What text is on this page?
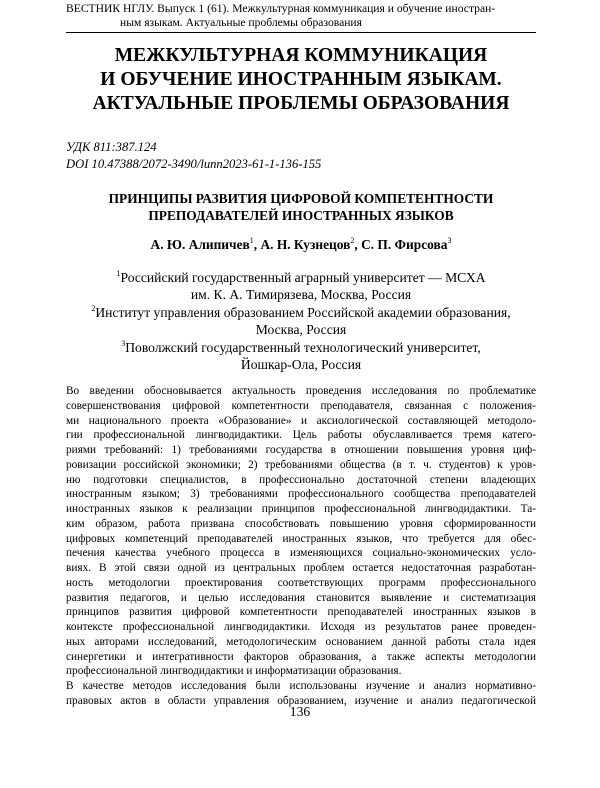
ВЕСТНИК НГЛУ. Выпуск 1 (61). Межкультурная коммуникация и обучение иностран-
ным языкам. Актуальные проблемы образования
МЕЖКУЛЬТУРНАЯ КОММУНИКАЦИЯ
И ОБУЧЕНИЕ ИНОСТРАННЫМ ЯЗЫКАМ.
АКТУАЛЬНЫЕ ПРОБЛЕМЫ ОБРАЗОВАНИЯ
УДК 811:387.124
DOI 10.47388/2072-3490/lunn2023-61-1-136-155
ПРИНЦИПЫ РАЗВИТИЯ ЦИФРОВОЙ КОМПЕТЕНТНОСТИ
ПРЕПОДАВАТЕЛЕЙ ИНОСТРАННЫХ ЯЗЫКОВ
А. Ю. Алипичев$^1$, А. Н. Кузнецов$^2$, С. П. Фирсова$^3$
$^1$Российский государственный аграрный университет — МСХА
им. К. А. Тимирязева, Москва, Россия
$^2$Институт управления образованием Российской академии образования,
Москва, Россия
$^3$Поволжский государственный технологический университет,
Йошкар-Ола, Россия
Во введении обосновывается актуальность проведения исследования по проблематике
совершенствования цифровой компетентности преподавателя, связанная с положения-
ми национального проекта «Образование» и аксиологической составляющей методоло-
гии профессиональной лингводидактики. Цель работы обуславливается тремя катего-
риями требований: 1) требованиями государства в отношении повышения уровня циф-
ровизации российской экономики; 2) требованиями общества (в т. ч. студентов) к уров-
ню подготовки специалистов, в профессионально достаточной степени владеющих
иностранным языком; 3) требованиями профессионального сообщества преподавателей
иностранных языков к реализации принципов профессиональной лингводидактики. Та-
ким образом, работа призвана способствовать повышению уровня сформированности
цифровых компетенций преподавателей иностранных языков, что требуется для обес-
печения качества учебного процесса в изменяющихся социально-экономических усло-
виях. В этой связи одной из центральных проблем остается недостаточная разработан-
ность методологии проектирования соответствующих программ профессионального
развития педагогов, и целью исследования становится выявление и систематизация
принципов развития цифровой компетентности преподавателей иностранных языков в
контексте профессиональной лингводидактики. Исходя из результатов ранее проведен-
ных авторами исследований, методологическим основанием данной работы стала идея
синергетики и интегративности факторов образования, а также аспекты методологии
профессиональной лингводидактики и информатизации образования.
В качестве методов исследования были использованы изучение и анализ нормативно-
правовых актов в области управления образованием, изучение и анализ педагогической
136
